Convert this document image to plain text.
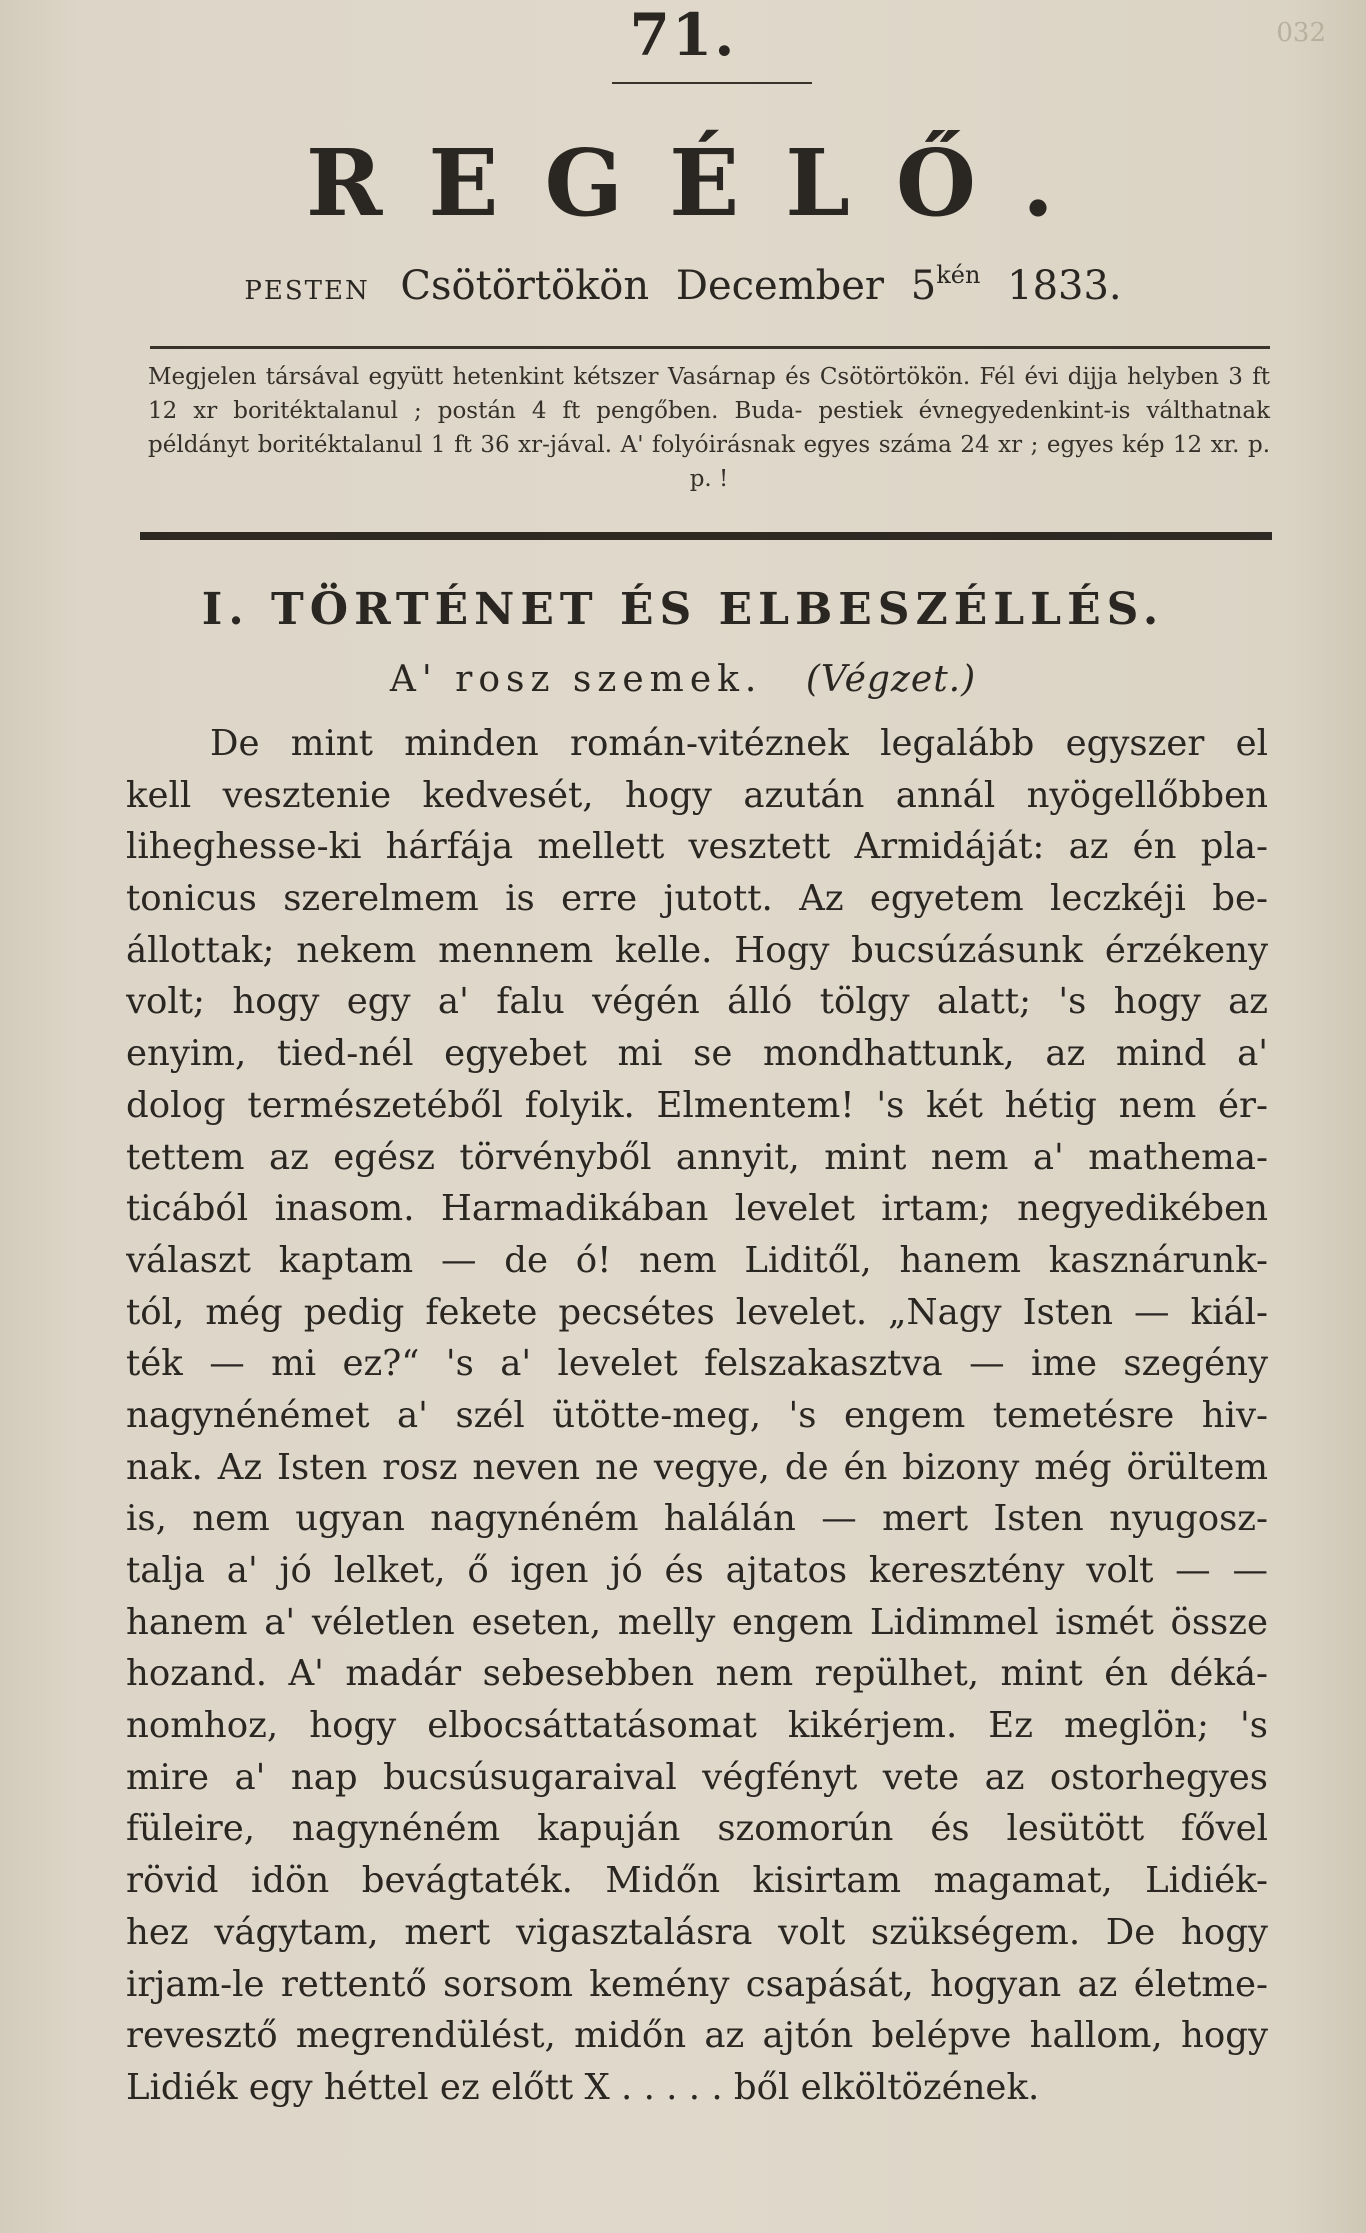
032
71.
REGÉLŐ.
PESTEN Csötörtökön December $5^{kén}$ 1833.
Megjelen társával együtt hetenkint kétszer Vasárnap és Csötörtökön. Fél évi dijja helyben 3 ft 12 xr boritéktalanul ; postán 4 ft pengőben. Buda- pestiek évnegyedenkint-is válthatnak példányt boritéktalanul 1 ft 36 xr-jával. A' folyóirásnak egyes száma 24 xr ; egyes kép 12 xr. p. p. !
I. TÖRTÉNET ÉS ELBESZÉLLÉS.
A' rosz szemek. (Végzet.)
De mint minden román-vitéznek legalább egyszer el
kell vesztenie kedvesét, hogy azután annál nyögellőbben
liheghesse-ki hárfája mellett vesztett Armidáját: az én pla-
tonicus szerelmem is erre jutott. Az egyetem leczkéji be-
állottak; nekem mennem kelle. Hogy bucsúzásunk érzékeny
volt; hogy egy a' falu végén álló tölgy alatt; 's hogy az
enyim, tied-nél egyebet mi se mondhattunk, az mind a'
dolog természetéből folyik. Elmentem! 's két hétig nem ér-
tettem az egész törvényből annyit, mint nem a' mathema-
ticából inasom. Harmadikában levelet irtam; negyedikében
választ kaptam — de ó! nem Liditől, hanem kasznárunk-
tól, még pedig fekete pecsétes levelet. „Nagy Isten — kiál-
ték — mi ez?“ 's a' levelet felszakasztva — ime szegény
nagynénémet a' szél ütötte-meg, 's engem temetésre hiv-
nak. Az Isten rosz neven ne vegye, de én bizony még örültem
is, nem ugyan nagynéném halálán — mert Isten nyugosz-
talja a' jó lelket, ő igen jó és ajtatos keresztény volt — —
hanem a' véletlen eseten, melly engem Lidimmel ismét össze
hozand. A' madár sebesebben nem repülhet, mint én déká-
nomhoz, hogy elbocsáttatásomat kikérjem. Ez meglön; 's
mire a' nap bucsúsugaraival végfényt vete az ostorhegyes
füleire, nagynéném kapuján szomorún és lesütött fővel
rövid idön bevágtaték. Midőn kisirtam magamat, Lidiék-
hez vágytam, mert vigasztalásra volt szükségem. De hogy
irjam-le rettentő sorsom kemény csapását, hogyan az életme-
revesztő megrendülést, midőn az ajtón belépve hallom, hogy
Lidiék egy héttel ez előtt X . . . . . ből elköltözének.
